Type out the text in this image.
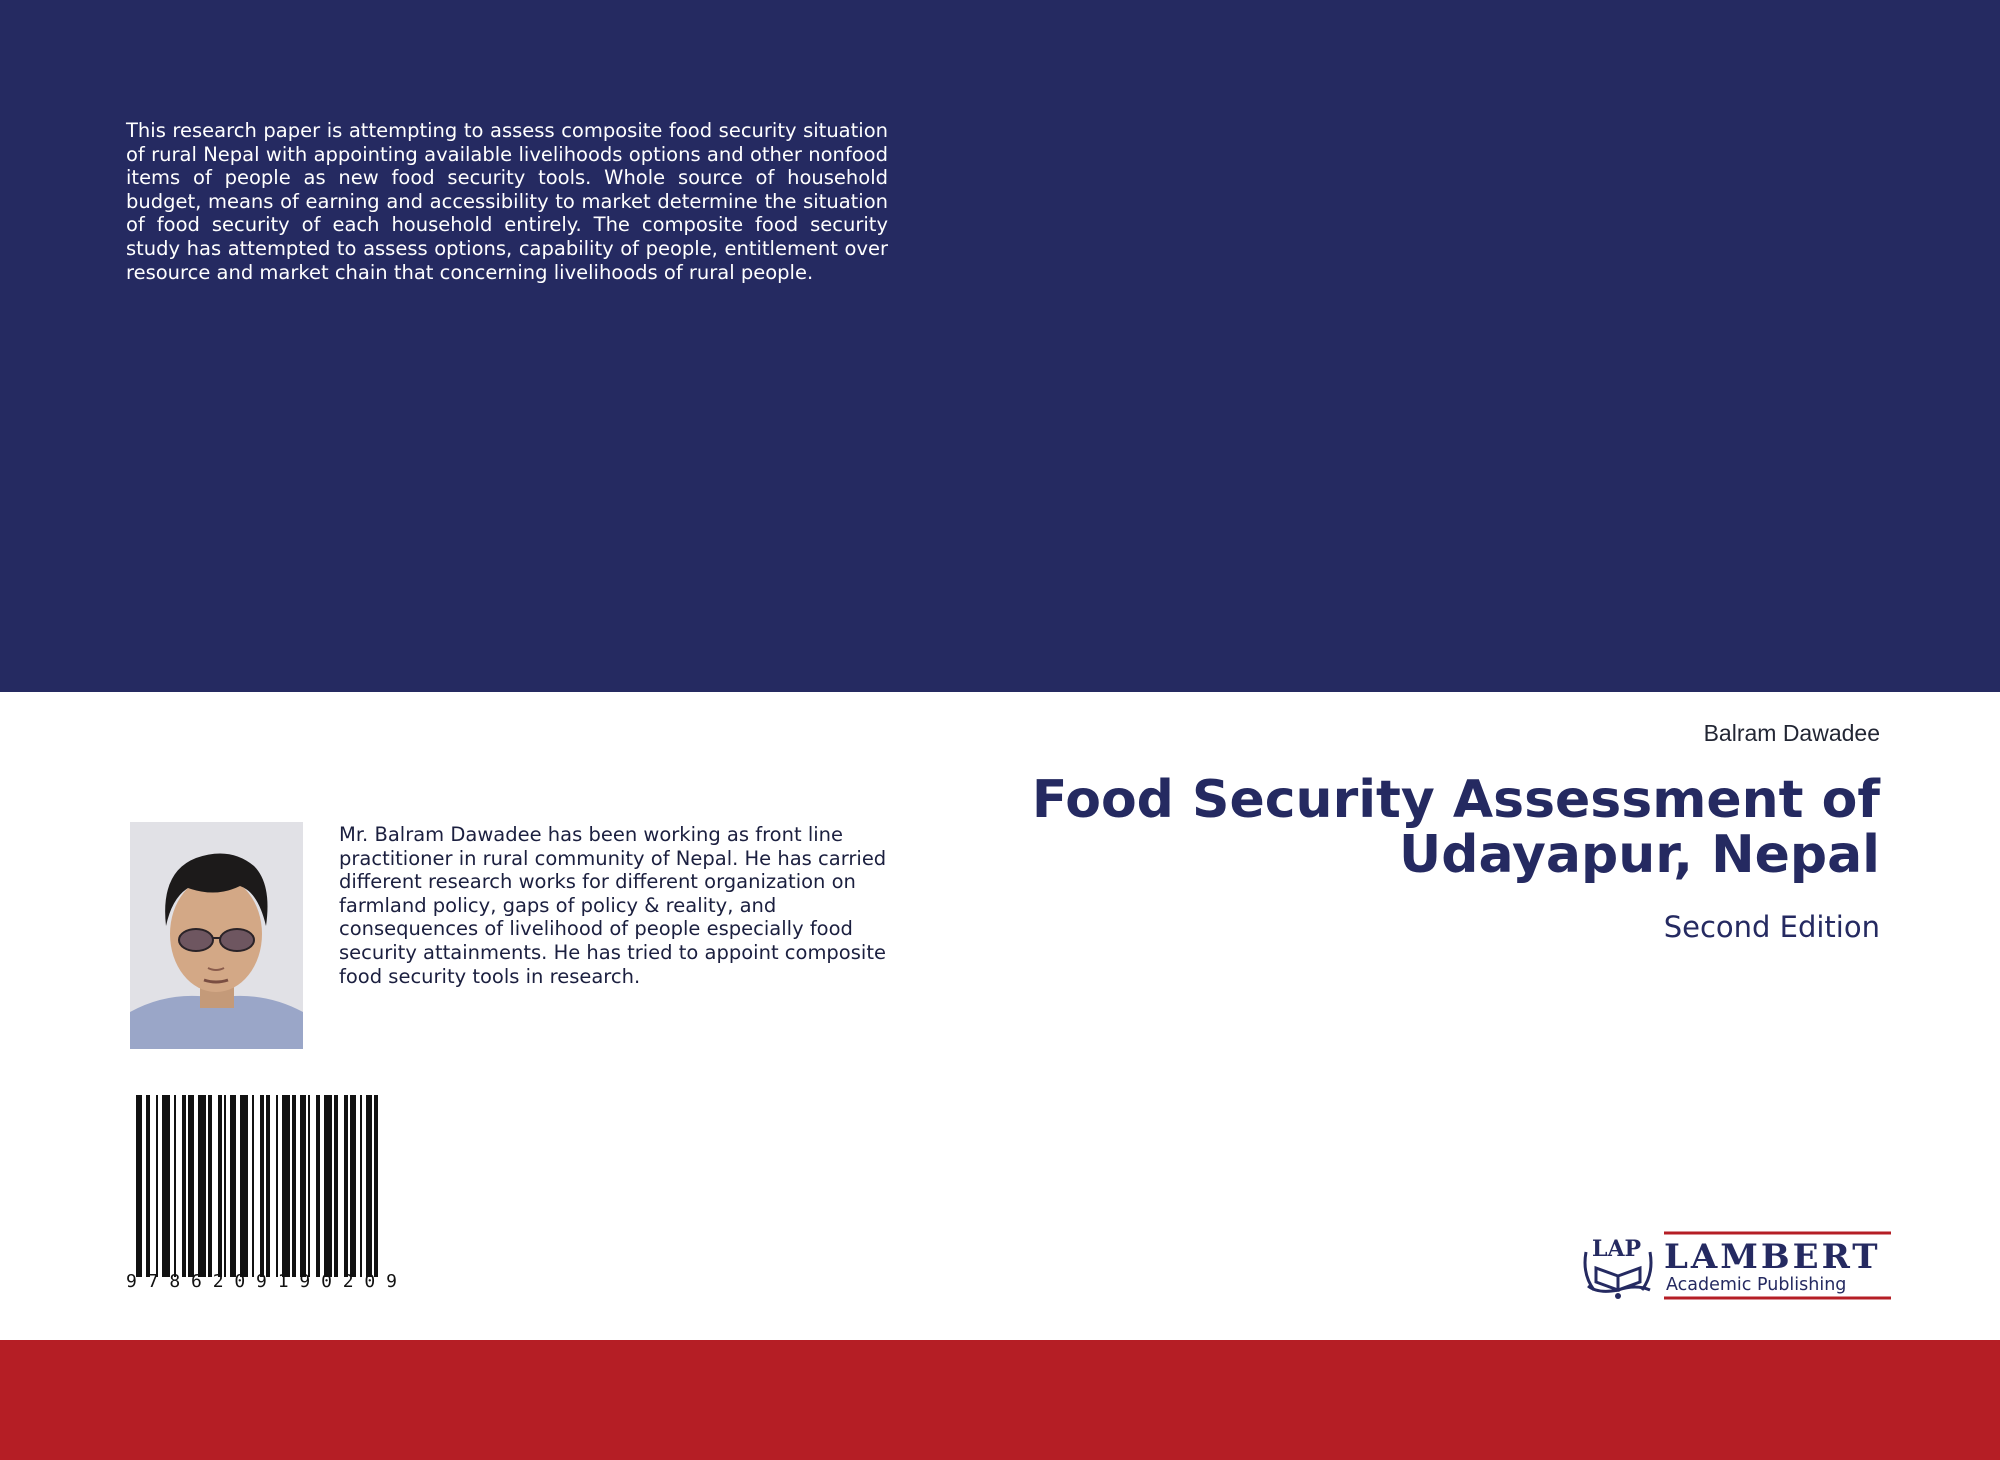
This research paper is attempting to assess composite food security situation of rural Nepal with appointing available livelihoods options and other nonfood items of people as new food security tools. Whole source of household budget, means of earning and accessibility to market determine the situation of food security of each household entirely. The composite food security study has attempted to assess options, capability of people, entitlement over resource and market chain that concerning livelihoods of rural people.
Balram Dawadee
Food Security Assessment of Udayapur, Nepal
Second Edition
Mr. Balram Dawadee has been working as front line practitioner in rural community of Nepal. He has carried different research works for different organization on farmland policy, gaps of policy & reality, and consequences of livelihood of people especially food security attainments. He has tried to appoint composite food security tools in research.
9 7 8 6 2 0 9 1 9 0 2 0 9
LAP LAMBERT
Academic Publishing
